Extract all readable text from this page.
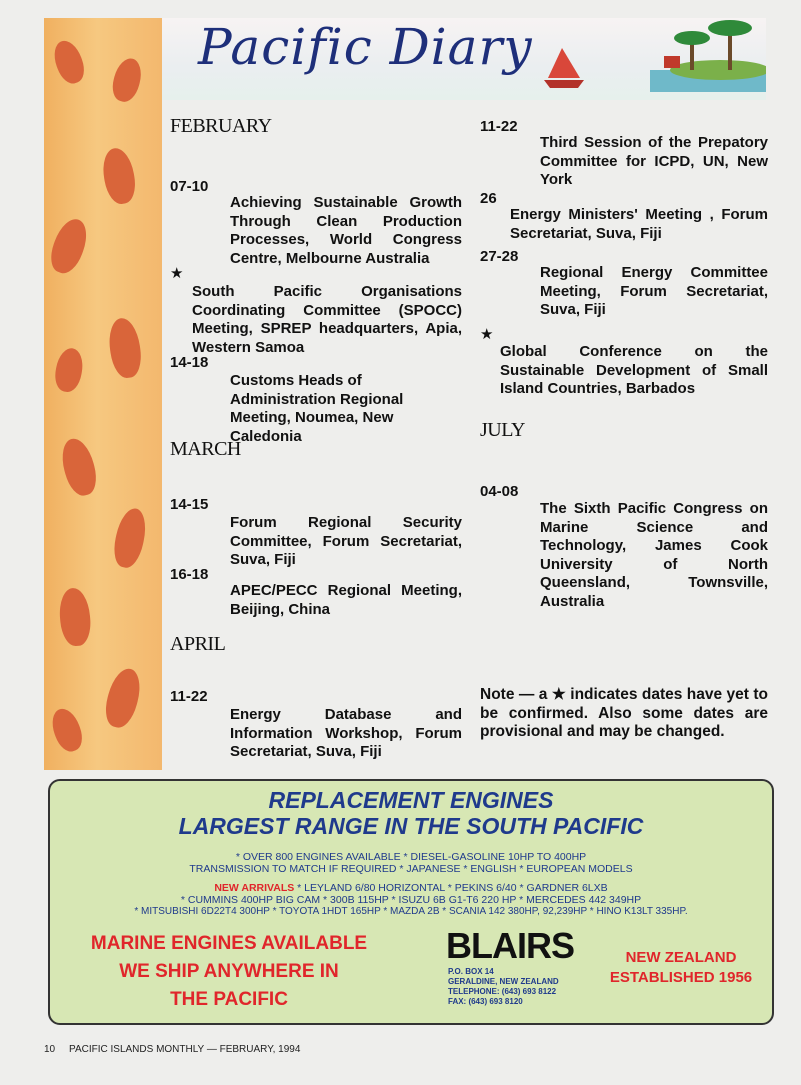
Pacific Diary
FEBRUARY
07-10
Achieving Sustainable Growth Through Clean Production Processes, World Congress Centre, Melbourne Australia
★
South Pacific Organisations Coordinating Committee (SPOCC) Meeting, SPREP headquarters, Apia, Western Samoa
14-18
Customs Heads of Administration Regional Meeting, Noumea, New Caledonia
MARCH
14-15
Forum Regional Security Committee, Forum Secretariat, Suva, Fiji
16-18
APEC/PECC Regional Meeting, Beijing, China
APRIL
11-22
Energy Database and Information Workshop, Forum Secretariat, Suva, Fiji
11-22
Third Session of the Prepatory Committee for ICPD, UN, New York
26
Energy Ministers' Meeting , Forum Secretariat, Suva, Fiji
27-28
Regional Energy Committee Meeting, Forum Secretariat, Suva, Fiji
★
Global Conference on the Sustainable Development of Small Island Countries, Barbados
JULY
04-08
The Sixth Pacific Congress on Marine Science and Technology, James Cook University of North Queensland, Townsville, Australia
Note — a ★ indicates dates have yet to be confirmed. Also some dates are provisional and may be changed.
REPLACEMENT ENGINES
LARGEST RANGE IN THE SOUTH PACIFIC
* OVER 800 ENGINES AVAILABLE * DIESEL-GASOLINE 10HP TO 400HP
TRANSMISSION TO MATCH IF REQUIRED * JAPANESE * ENGLISH * EUROPEAN MODELS
NEW ARRIVALS * LEYLAND 6/80 HORIZONTAL * PEKINS 6/40 * GARDNER 6LXB
* CUMMINS 400HP BIG CAM * 300B 115HP * ISUZU 6B G1-T6 220 HP * MERCEDES 442 349HP
* MITSUBISHI 6D22T4 300HP * TOYOTA 1HDT 165HP * MAZDA 2B * SCANIA 142 380HP, 92,239HP * HINO K13LT 335HP.
MARINE ENGINES AVAILABLE
WE SHIP ANYWHERE IN
THE PACIFIC
BLAIRS
P.O. BOX 14
GERALDINE, NEW ZEALAND
TELEPHONE: (643) 693 8122
FAX: (643) 693 8120
NEW ZEALAND
ESTABLISHED 1956
10     PACIFIC ISLANDS MONTHLY — FEBRUARY, 1994
